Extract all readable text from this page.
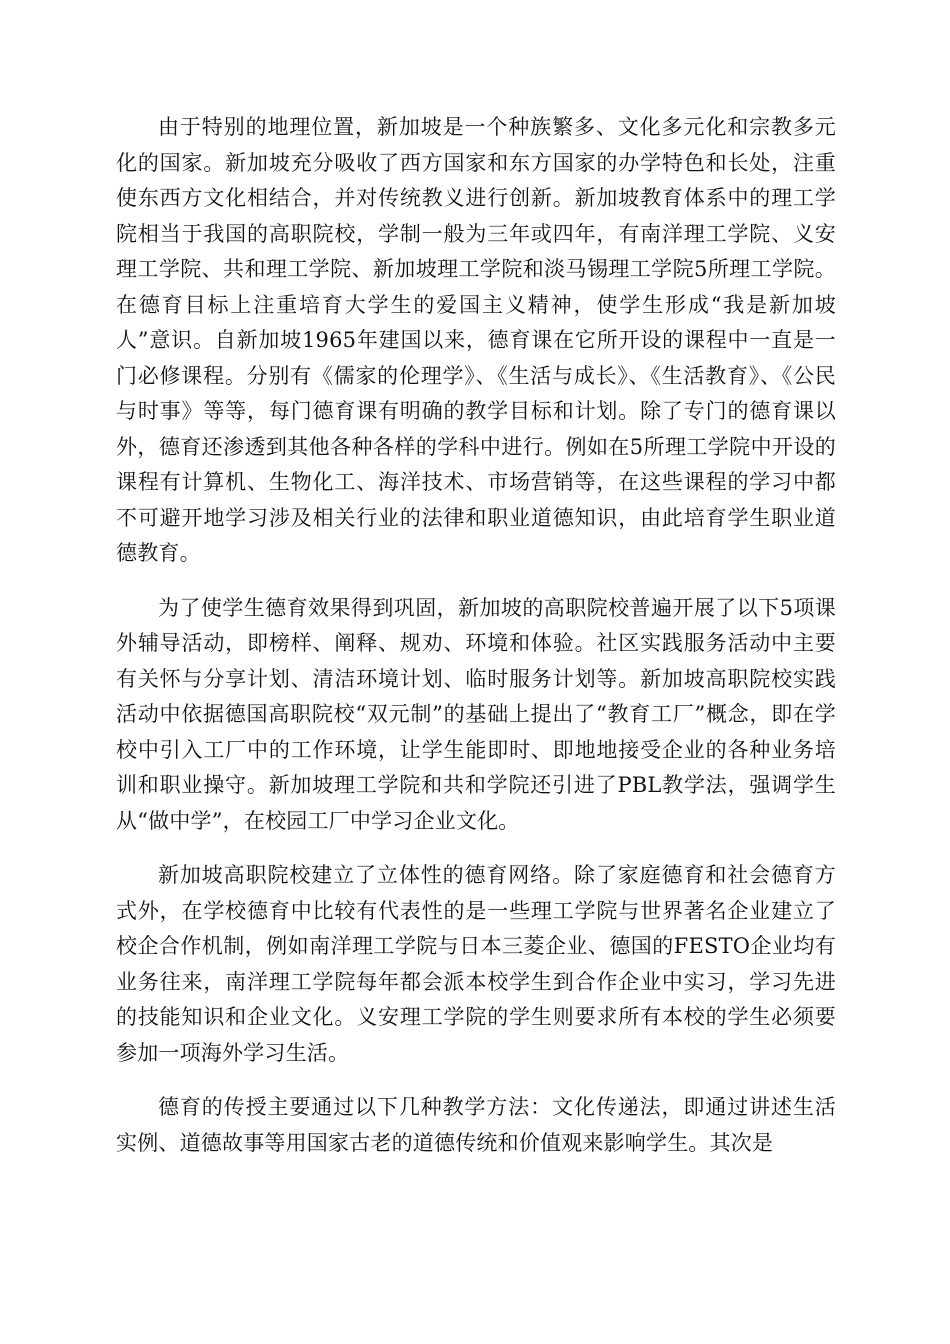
由于特别的地理位置，新加坡是一个种族繁多、文化多元化和宗教多元化的国家。新加坡充分吸收了西方国家和东方国家的办学特色和长处，注重使东西方文化相结合，并对传统教义进行创新。新加坡教育体系中的理工学院相当于我国的高职院校，学制一般为三年或四年，有南洋理工学院、义安理工学院、共和理工学院、新加坡理工学院和淡马锡理工学院5所理工学院。在德育目标上注重培育大学生的爱国主义精神，使学生形成“我是新加坡人”意识。自新加坡1965年建国以来，德育课在它所开设的课程中一直是一门必修课程。分别有《儒家的伦理学》、《生活与成长》、《生活教育》、《公民与时事》等等，每门德育课有明确的教学目标和计划。除了专门的德育课以外，德育还渗透到其他各种各样的学科中进行。例如在5所理工学院中开设的课程有计算机、生物化工、海洋技术、市场营销等，在这些课程的学习中都不可避开地学习涉及相关行业的法律和职业道德知识，由此培育学生职业道德教育。

为了使学生德育效果得到巩固，新加坡的高职院校普遍开展了以下5项课外辅导活动，即榜样、阐释、规劝、环境和体验。社区实践服务活动中主要有关怀与分享计划、清洁环境计划、临时服务计划等。新加坡高职院校实践活动中依据德国高职院校“双元制”的基础上提出了“教育工厂”概念，即在学校中引入工厂中的工作环境，让学生能即时、即地地接受企业的各种业务培训和职业操守。新加坡理工学院和共和学院还引进了PBL教学法，强调学生从“做中学”，在校园工厂中学习企业文化。

新加坡高职院校建立了立体性的德育网络。除了家庭德育和社会德育方式外，在学校德育中比较有代表性的是一些理工学院与世界著名企业建立了校企合作机制，例如南洋理工学院与日本三菱企业、德国的FESTO企业均有业务往来，南洋理工学院每年都会派本校学生到合作企业中实习，学习先进的技能知识和企业文化。义安理工学院的学生则要求所有本校的学生必须要参加一项海外学习生活。

德育的传授主要通过以下几种教学方法：文化传递法，即通过讲述生活实例、道德故事等用国家古老的道德传统和价值观来影响学生。其次是
